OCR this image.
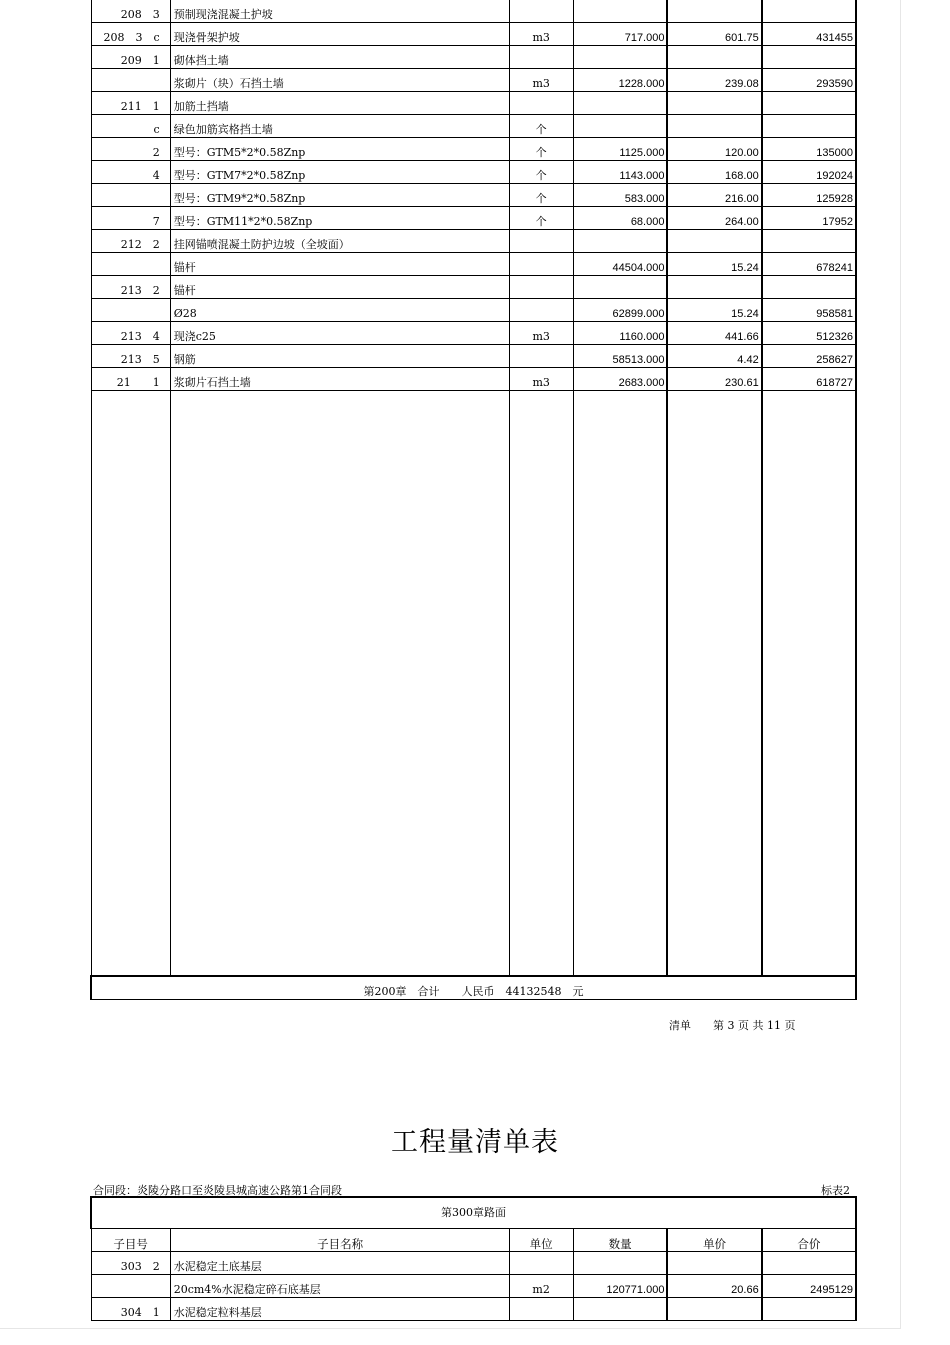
208　3	预制现浇混凝土护坡				
208　3　c	现浇骨架护坡	m3	717.000	601.75	431455
209　1	砌体挡土墙				
	浆砌片（块）石挡土墙	m3	1228.000	239.08	293590
211　1	加筋土挡墙				
c	绿色加筋宾格挡土墙	个			
2	型号：GTM5*2*0.58Znp	个	1125.000	120.00	135000
4	型号：GTM7*2*0.58Znp	个	1143.000	168.00	192024
	型号：GTM9*2*0.58Znp	个	583.000	216.00	125928
7	型号：GTM11*2*0.58Znp	个	68.000	264.00	17952
212　2	挂网锚喷混凝土防护边坡（全坡面）				
	锚杆		44504.000	15.24	678241
213　2	锚杆				
	Ø28		62899.000	15.24	958581
213　4	现浇c25	m3	1160.000	441.66	512326
213　5	钢筋		58513.000	4.42	258627
21　　1	浆砌片石挡土墙	m3	2683.000	230.61	618727

第200章　合计　　人民币　44132548　元					
清单　　第 3 页 共 11 页
工程量清单表
合同段：炎陵分路口至炎陵县城高速公路第1合同段	标表2
第300章路面					
子目号	子目名称	单位	数量	单价	合价
303　2	水泥稳定土底基层				
	20cm4%水泥稳定碎石底基层	m2	120771.000	20.66	2495129
304　1	水泥稳定粒料基层				
